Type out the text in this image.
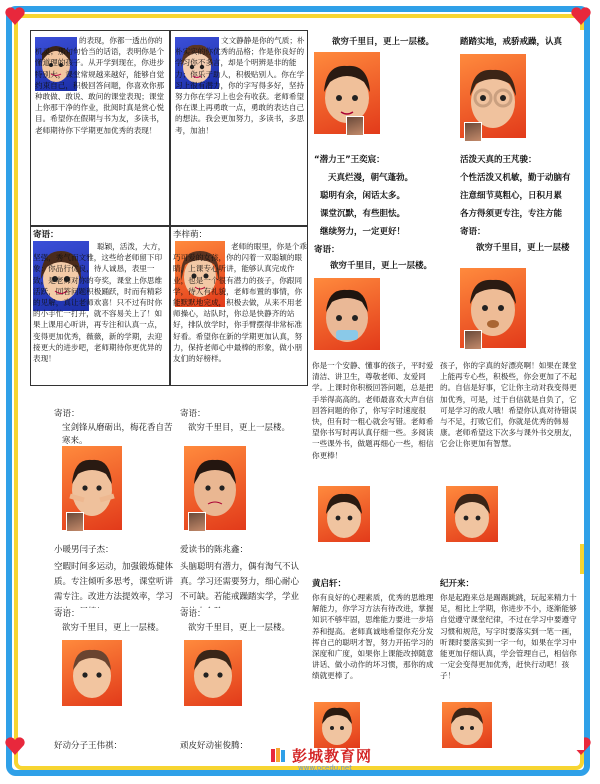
的表现，你都一透出你的机灵；那句句恰当的话语，表明你是个懂道理的孩子。从开学到现在，你进步特别大，课堂常规越来越好，能够自觉约束自己，积极回答问题，你喜欢你那种敢做、敢说、敢问的课堂表现；课堂上你那干净的作业，批阅时真是赏心悦目。希望你在假期与书为友，多读书，老师期待你下学期更加优秀的表现！
文文静静是你的气质；朴朴实实的你优秀的品格；作是你良好的学习你不多言，却是个明辨是非的能力；你乐于助人，积极贴别人。你在学习上很有潜力，你的字写得多好，坚持努力你在学习上也会有收获。老师希望你在课上再勇敢一点，勇敢的表达自己的想法。我会更加努力，多读书，多思考，加油！
欲穷千里目，更上一层楼。
“潜力王”王奕宸：
天真烂漫，朝气蓬勃。
聪明有余，闲话太多。
课堂沉默，有些胆怯。
继续努力，一定更好！
寄语：
欲穷千里目，更上一层楼。
踏踏实地，戒骄戒躁，认真
活泼天真的王芃骏：
个性活泼又机敏，勤于动脑有
注意细节莫粗心，日积月累
各方得须更专注，专注方能
寄语：
欲穷千里目，更上一层楼
寄语：
聪颖，活泼，大方，坚强，秀气而文雅，这些给老师留下印象：你品行优良，待人诚恳，表里一致，是老师对你的夸奖，课堂上你思维活跃，回答问题积极踊跃，时而有精彩的见解，真让老师欢喜！只不过有时你的小手忙一打开，就不容易关上了！如果上课用心听讲，再专注和认真一点，变得更加优秀，薇薇，新的学期，去迎接更大的进步吧，老师期待你更优异的表现！
李梓萌：
老师的眼里，你是个乖巧可爱的女孩，你的闪着一双聪颖的眼睛，上课专心听讲，能够认真完成作业，也是一个很有潜力的孩子，你跟同学，待人有礼貌，老师布置的事情，你能默默地完成，积极去做，从来不用老师操心，站队时，你总是快静齐的站好，排队放学时，你手臂摆得非常标准好看。希望你在新的学期更加认真，努力，保持老师心中最棒的形象，做小朋友们的好榜样。
你是一个安静、懂事的孩子，平时爱清洁、讲卫生，尊敬老师、友爱同学。上课时你积极回答问题，总是把手举得高高的。老师最喜欢大声自信回答问题的你了，你写字时速度很快，但有时一粗心就会写错。老师希望你书写时再认真仔细一些。多阅读一些课外书，做题再细心一些，相信你更棒！
孩子，你的字真的好漂亮啊！如果在课堂上能再专心些，积极些，你会更加了不起的。自信是好事，它让你主动对我变得更加优秀，可是，过于自信就是自负了，它可是学习的敌人哦！希望你认真对待错误与不足，打败它们，你就是优秀的韩易康。老师希望这下次多与课外书交朋友，它会让你更加有智慧。
寄语：
宝剑锋从磨砺出，梅花香自苦寒来。
小暖男闫子杰：
空暇时间多运动，加强锻炼健体质。专注倾听多思考，课堂听讲需专注。改进方法提效率，学习
寄语：
欲穷千里目，更上一层楼。
好动分子王伟祺：
寄语：
欲穷千里目，更上一层楼。
爱读书的陈兆鑫：
头脑聪明有潜力，偶有淘气不认真。学习还需要努力，细心耐心不可缺。若能戒躁踏实学，学业
寄语：
欲穷千里目，更上一层楼。
顽皮好动崔俊腾：
黄启轩：
你有良好的心理素质，优秀的思维理解能力，你学习方法有待改进，掌握知识不够牢固，思维能力要进一步培养和提高。老师真诚地希望你充分发挥自己的聪明才智，努力开拓学习的深度和广度，如果你上课能改掉随意讲话、做小动作的坏习惯，那你的成绩就更棒了。
纪开来：
你是起跑来总是踢踢跳跳，玩起来精力十足，相比上学期，你进步不小，逐渐能够自觉遵守课堂纪律，不过在学习中要遵守习惯和规范，写字时要落实到一笔一画，听课时要落实到一字一句，如果在学习中能更加仔细认真，学会管理自己，相信你一定会变得更加优秀，赶快行动吧！孩子！
彭城教育网
www.pcedu.net
